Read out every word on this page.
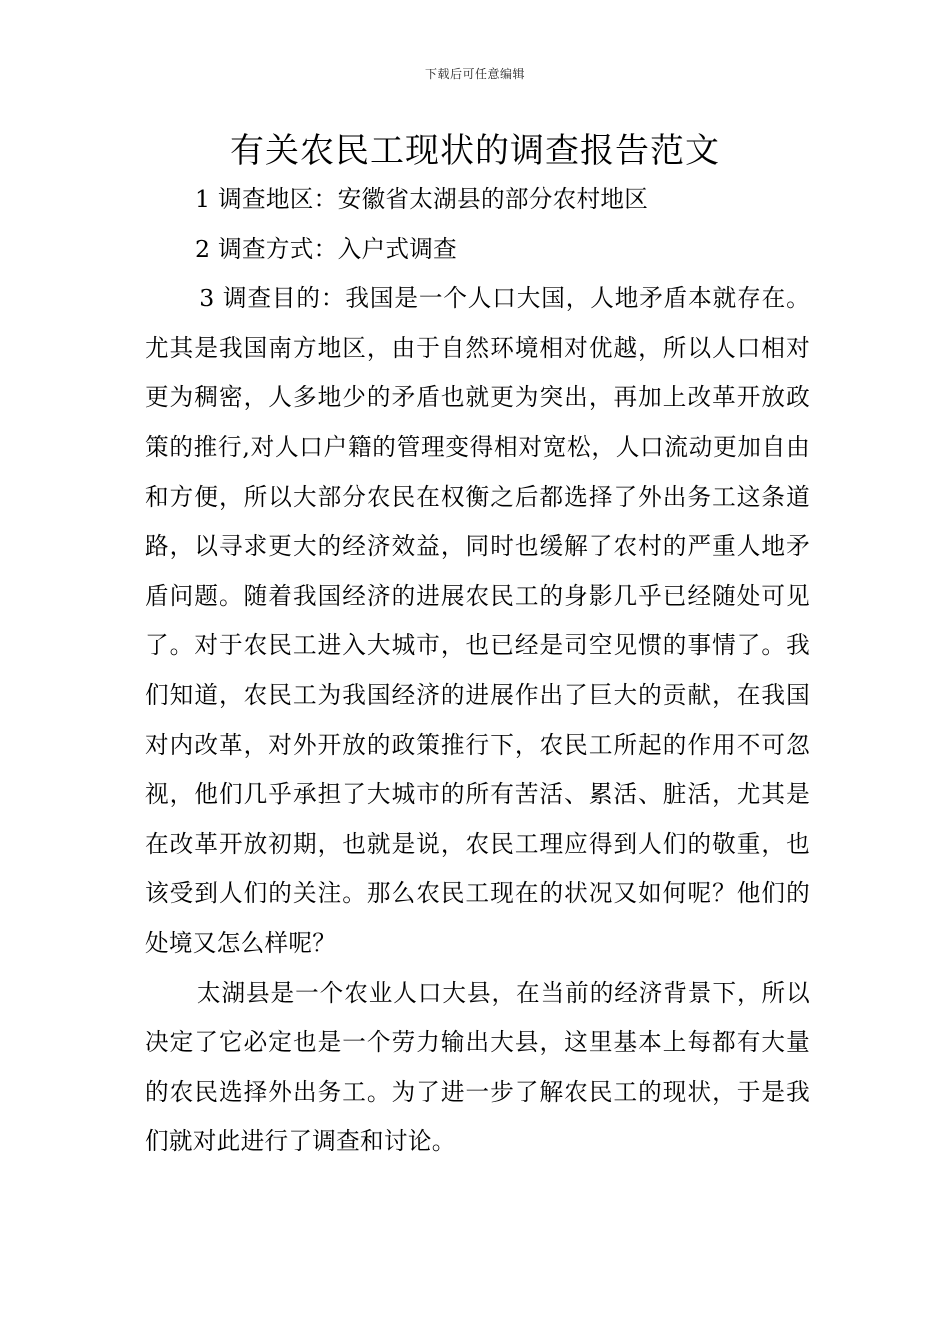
下载后可任意编辑
有关农民工现状的调查报告范文

1 调查地区：安徽省太湖县的部分农村地区

2 调查方式：入户式调查

3 调查目的：我国是一个人口大国，人地矛盾本就存在。尤其是我国南方地区，由于自然环境相对优越，所以人口相对更为稠密，人多地少的矛盾也就更为突出，再加上改革开放政策的推行,对人口户籍的管理变得相对宽松，人口流动更加自由和方便，所以大部分农民在权衡之后都选择了外出务工这条道路，以寻求更大的经济效益，同时也缓解了农村的严重人地矛盾问题。随着我国经济的进展农民工的身影几乎已经随处可见了。对于农民工进入大城市，也已经是司空见惯的事情了。我们知道，农民工为我国经济的进展作出了巨大的贡献，在我国对内改革，对外开放的政策推行下，农民工所起的作用不可忽视，他们几乎承担了大城市的所有苦活、累活、脏活，尤其是在改革开放初期，也就是说，农民工理应得到人们的敬重，也该受到人们的关注。那么农民工现在的状况又如何呢？他们的处境又怎么样呢？

太湖县是一个农业人口大县，在当前的经济背景下，所以决定了它必定也是一个劳力输出大县，这里基本上每都有大量的农民选择外出务工。为了进一步了解农民工的现状，于是我们就对此进行了调查和讨论。
